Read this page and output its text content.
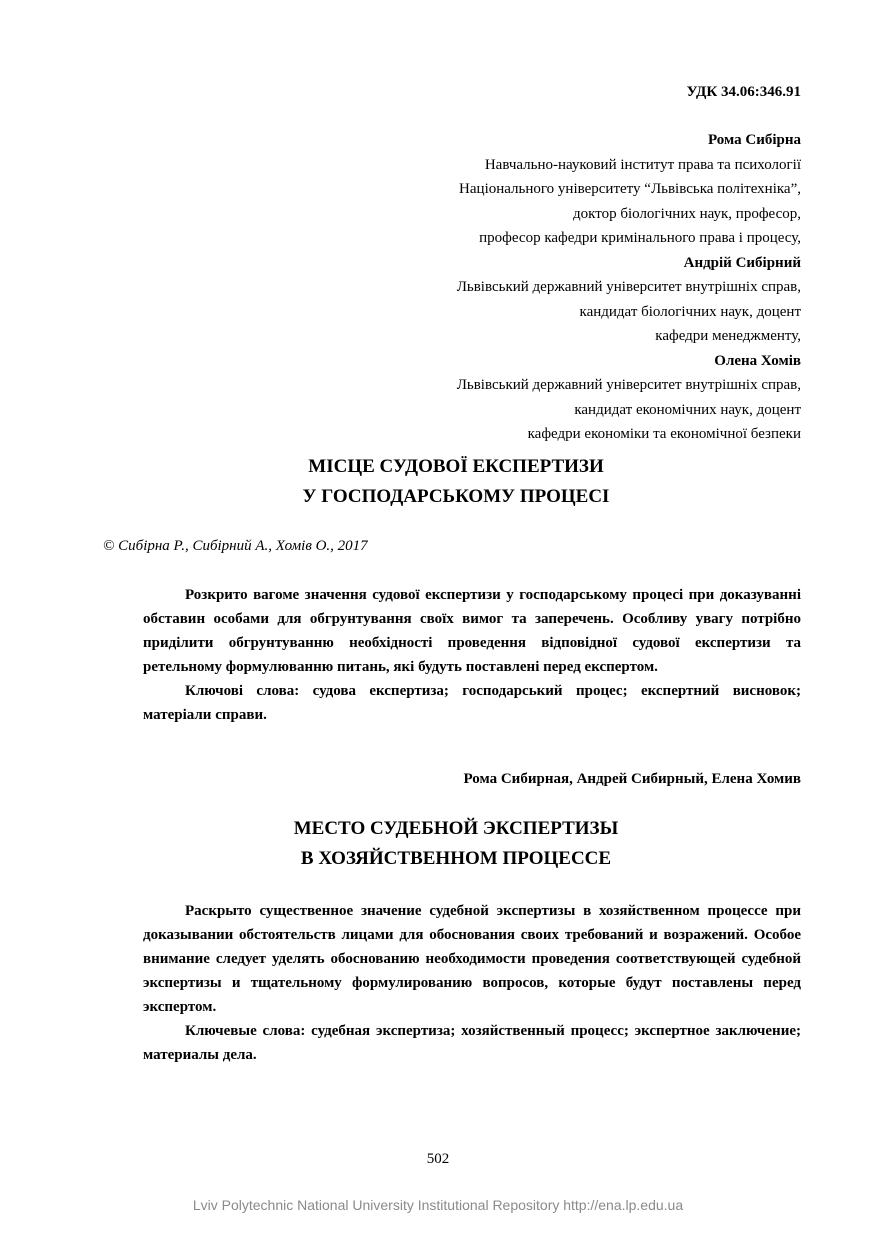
УДК 34.06:346.91
Рома Сибірна
Навчально-науковий інститут права та психології
Національного університету “Львівська політехніка”,
доктор біологічних наук, професор,
професор кафедри кримінального права і процесу,
Андрій Сибірний
Львівський державний університет внутрішніх справ,
кандидат біологічних наук, доцент
кафедри менеджменту,
Олена Хомів
Львівський державний університет внутрішніх справ,
кандидат економічних наук, доцент
кафедри економіки та економічної безпеки
МІСЦЕ СУДОВОЇ ЕКСПЕРТИЗИ
У ГОСПОДАРСЬКОМУ ПРОЦЕСІ
© Сибірна Р., Сибірний А., Хомів О., 2017

Розкрито вагоме значення судової експертизи у господарському процесі при доказуванні обставин особами для обгрунтування своїх вимог та заперечень. Особливу увагу потрібно приділити обгрунтуванню необхідності проведення відповідної судової експертизи та ретельному формулюванню питань, які будуть поставлені перед експертом.

Ключові слова: судова експертиза; господарський процес; експертний висновок; матеріали справи.

Рома Сибирная, Андрей Сибирный, Елена Хомив
МЕСТО СУДЕБНОЙ ЭКСПЕРТИЗЫ
В ХОЗЯЙСТВЕННОМ ПРОЦЕССЕ

Раскрыто существенное значение судебной экспертизы в хозяйственном процессе при доказывании обстоятельств лицами для обоснования своих требований и возражений. Особое внимание следует уделять обоснованию необходимости проведения соответствующей судебной экспертизы и тщательному формулированию вопросов, которые будут поставлены перед экспертом.

Ключевые слова: судебная экспертиза; хозяйственный процесс; экспертное заключение; материалы дела.

502
Lviv Polytechnic National University Institutional Repository http://ena.lp.edu.ua
